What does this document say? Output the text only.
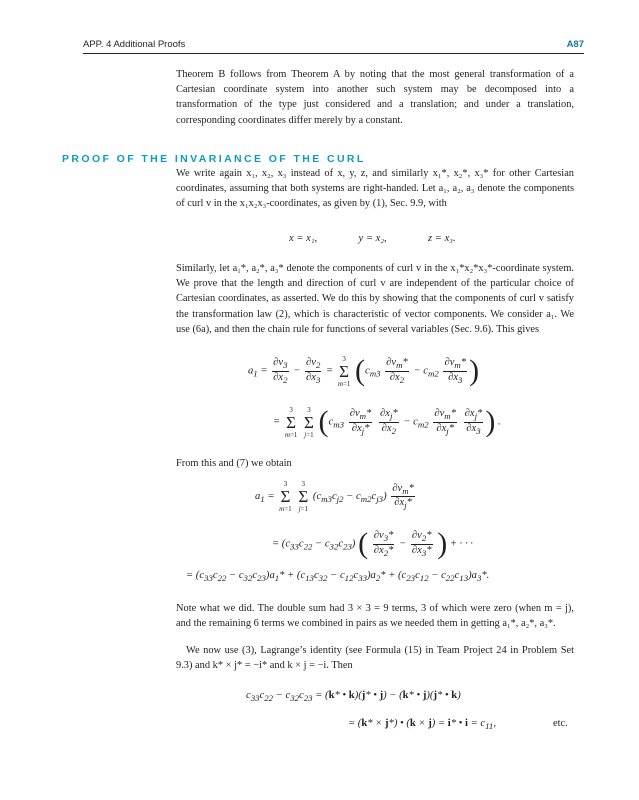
APP. 4 Additional Proofs	A87

Theorem B follows from Theorem A by noting that the most general transformation of a Cartesian coordinate system into another such system may be decomposed into a transformation of the type just considered and a translation; and under a translation, corresponding coordinates differ merely by a constant.

PROOF OF THE INVARIANCE OF THE CURL

We write again x₁, x₂, x₃ instead of x, y, z, and similarly x₁*, x₂*, x₃* for other Cartesian coordinates, assuming that both systems are right-handed. Let a₁, a₂, a₃ denote the components of curl v in the x₁x₂x₃-coordinates, as given by (1), Sec. 9.9, with

x = x₁,	y = x₂,	z = x₃.

Similarly, let a₁*, a₂*, a₃* denote the components of curl v in the x₁*x₂*x₃*-coordinate system. We prove that the length and direction of curl v are independent of the particular choice of Cartesian coordinates, as asserted. We do this by showing that the components of curl v satisfy the transformation law (2), which is characteristic of vector components. We consider a₁. We use (6a), and then the chain rule for functions of several variables (Sec. 9.6). This gives

$a_1 = \frac{\partial v_3}{\partial x_2} - \frac{\partial v_2}{\partial x_3}$ =
3
Σ
m=1 ($c_{m3} \frac{\partial v_m*}{\partial x_2} - c_{m2} \frac{\partial v_m*}{\partial x_3}$ )
=
3
Σ
m=1

3
Σ
j=1 ($c_{m3} \frac{\partial v_m*}{\partial x_j*}$
$\frac{\partial x_j*}{\partial x_2} - c_{m2} \frac{\partial v_m*}{\partial x_j*}$
$\frac{\partial x_j*}{\partial x_3}$ ) .

From this and (7) we obtain

$a_1$ =
3
Σ
m=1

3
Σ
j=1
$(c_{m3}c_{j2} - c_{m2}c_{j3}) \frac{\partial v_m*}{\partial x_j*}$
= $(c_{33}c_{22} - c_{32}c_{23})$ ( $\frac{\partial v_3*}{\partial x_2*} - \frac{\partial v_2*}{\partial x_3*}$ ) + · · ·
= $(c_{33}c_{22} - c_{32}c_{23})a_1* + (c_{13}c_{32} - c_{12}c_{33})a_2* + (c_{23}c_{12} - c_{22}c_{13})a_3*$.

Note what we did. The double sum had 3 × 3 = 9 terms, 3 of which were zero (when m = j), and the remaining 6 terms we combined in pairs as we needed them in getting a₁*, a₂*, a₃*.

We now use (3), Lagrange’s identity (see Formula (15) in Team Project 24 in Problem Set 9.3) and k* × j* = −i* and k × j = −i. Then

$c_{33}c_{22} - c_{32}c_{23} = (k*$ • k)(j* • j) − (k* • j)(j* • k)
= (k* × j*) • (k × j) = i* • $i = c_{11}$,	etc.
